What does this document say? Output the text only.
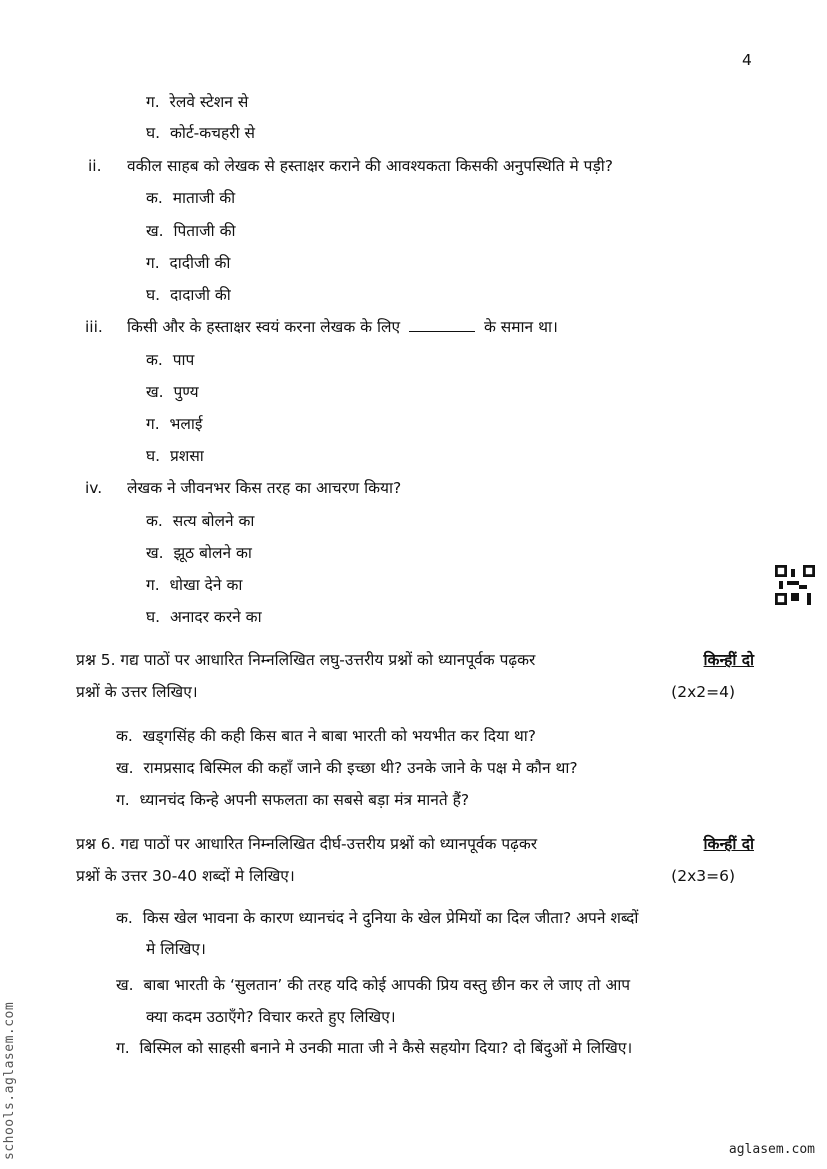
4
ग. रेलवे स्टेशन से
घ. कोर्ट-कचहरी से
ii. वकील साहब को लेखक से हस्ताक्षर कराने की आवश्यकता किसकी अनुपस्थिति मे पड़ी?
क. माताजी की
ख. पिताजी की
ग. दादीजी की
घ. दादाजी की
iii. किसी और के हस्ताक्षर स्वयं करना लेखक के लिए	के समान था।
क. पाप
ख. पुण्य
ग. भलाई
घ. प्रशसा
iv. लेखक ने जीवनभर किस तरह का आचरण किया?
क. सत्य बोलने का
ख. झूठ बोलने का
ग. धोखा देने का
घ. अनादर करने का
प्रश्न 5. गद्य पाठों पर आधारित निम्नलिखित लघु-उत्तरीय प्रश्नों को ध्यानपूर्वक पढ़कर	किन्हीं दो
प्रश्नों के उत्तर लिखिए।	(2x2=4)
क. खड्गसिंह की कही किस बात ने बाबा भारती को भयभीत कर दिया था?
ख. रामप्रसाद बिस्मिल की कहाँ जाने की इच्छा थी? उनके जाने के पक्ष मे कौन था?
ग. ध्यानचंद किन्हे अपनी सफलता का सबसे बड़ा मंत्र मानते हैं?
प्रश्न 6. गद्य पाठों पर आधारित निम्नलिखित दीर्घ-उत्तरीय प्रश्नों को ध्यानपूर्वक पढ़कर	किन्हीं दो
प्रश्नों के उत्तर 30-40 शब्दों मे लिखिए।	(2x3=6)
क. किस खेल भावना के कारण ध्यानचंद ने दुनिया के खेल प्रेमियों का दिल जीता? अपने शब्दों
मे लिखिए।
ख. बाबा भारती के ‘सुलतान’ की तरह यदि कोई आपकी प्रिय वस्तु छीन कर ले जाए तो आप
क्या कदम उठाएँगे? विचार करते हुए लिखिए।
ग. बिस्मिल को साहसी बनाने मे उनकी माता जी ने कैसे सहयोग दिया? दो बिंदुओं मे लिखिए।
schools.aglasem.com	aglasem.com
